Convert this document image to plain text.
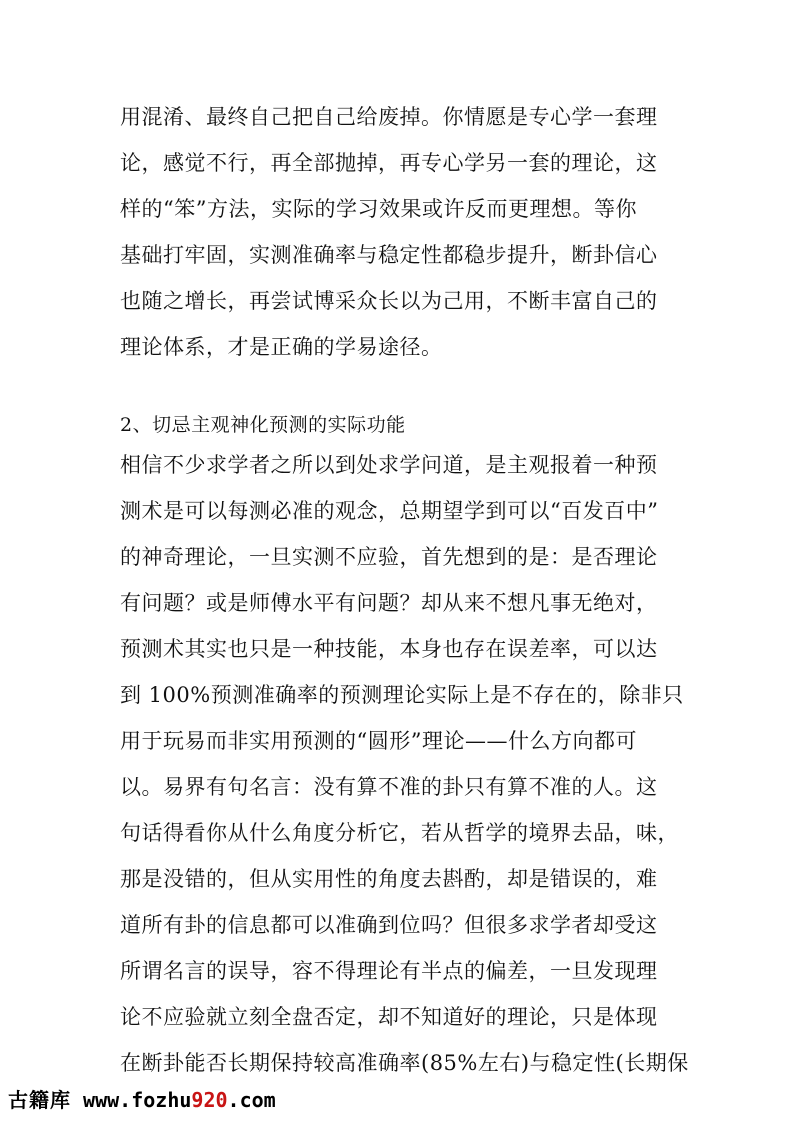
用混淆、最终自己把自己给废掉。你情愿是专心学一套理
论，感觉不行，再全部抛掉，再专心学另一套的理论，这
样的“笨”方法，实际的学习效果或许反而更理想。等你
基础打牢固，实测准确率与稳定性都稳步提升，断卦信心
也随之增长，再尝试博采众长以为己用，不断丰富自己的
理论体系，才是正确的学易途径。
2、切忌主观神化预测的实际功能
相信不少求学者之所以到处求学问道，是主观报着一种预
测术是可以每测必准的观念，总期望学到可以“百发百中”
的神奇理论，一旦实测不应验，首先想到的是：是否理论
有问题？或是师傅水平有问题？却从来不想凡事无绝对，
预测术其实也只是一种技能，本身也存在误差率，可以达
到 100%预测准确率的预测理论实际上是不存在的，除非只
用于玩易而非实用预测的“圆形”理论——什么方向都可
以。易界有句名言：没有算不准的卦只有算不准的人。这
句话得看你从什么角度分析它，若从哲学的境界去品，味，
那是没错的，但从实用性的角度去斟酌，却是错误的，难
道所有卦的信息都可以准确到位吗？但很多求学者却受这
所谓名言的误导，容不得理论有半点的偏差，一旦发现理
论不应验就立刻全盘否定，却不知道好的理论，只是体现
在断卦能否长期保持较高准确率(85%左右)与稳定性(长期保
古籍库 www.fozhu920.com
